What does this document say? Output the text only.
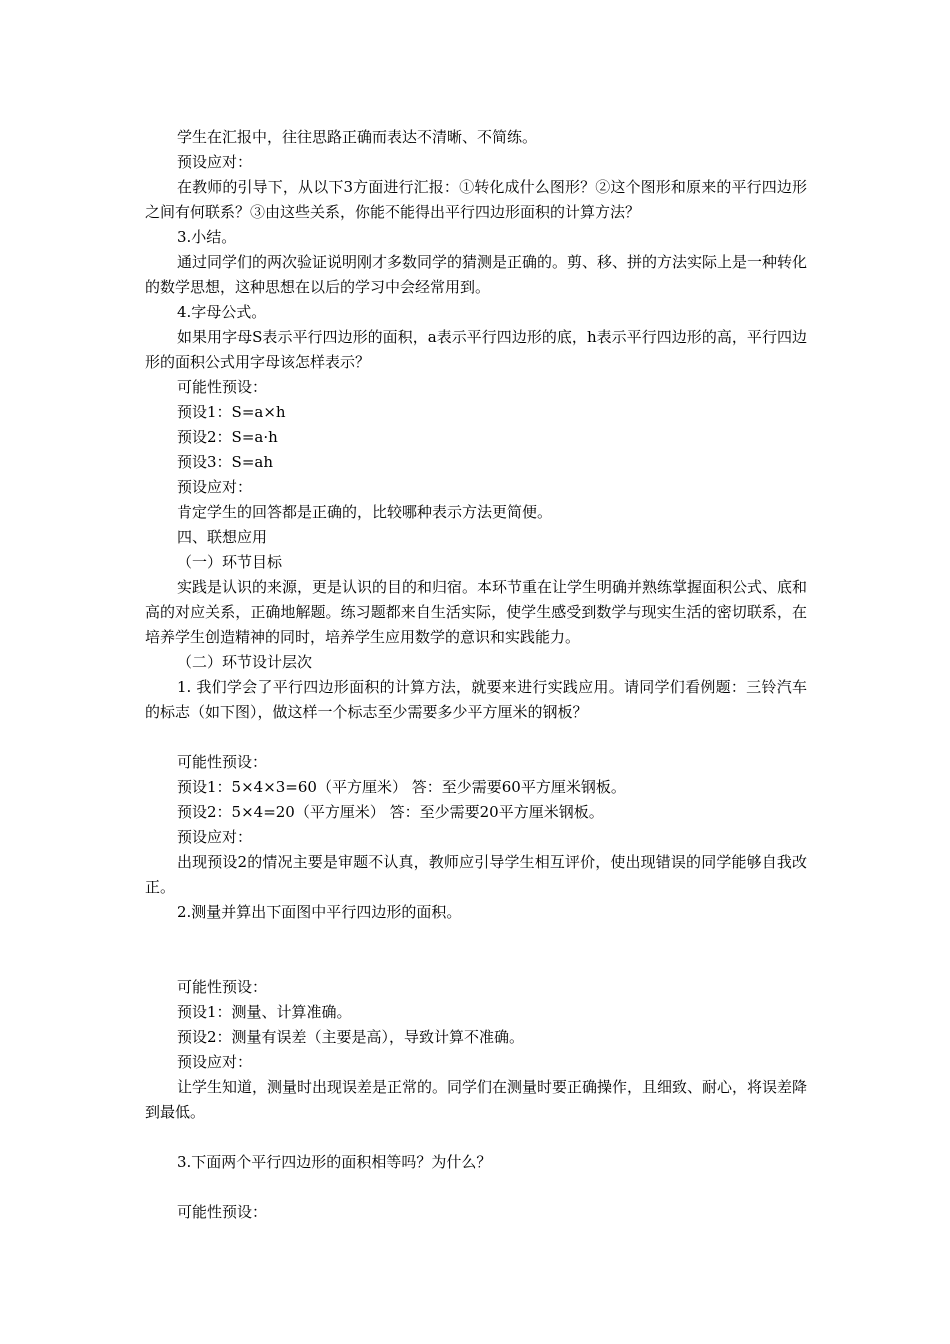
学生在汇报中，往往思路正确而表达不清晰、不简练。

预设应对：

在教师的引导下，从以下3方面进行汇报：①转化成什么图形？②这个图形和原来的平行四边形之间有何联系？③由这些关系，你能不能得出平行四边形面积的计算方法？

3.小结。

通过同学们的两次验证说明刚才多数同学的猜测是正确的。剪、移、拼的方法实际上是一种转化的数学思想，这种思想在以后的学习中会经常用到。

4.字母公式。

如果用字母S表示平行四边形的面积，a表示平行四边形的底，h表示平行四边形的高，平行四边形的面积公式用字母该怎样表示？

可能性预设：

预设1：S=a×h

预设2：S=a·h

预设3：S=ah

预设应对：

肯定学生的回答都是正确的，比较哪种表示方法更简便。

四、联想应用

（一）环节目标

实践是认识的来源，更是认识的目的和归宿。本环节重在让学生明确并熟练掌握面积公式、底和高的对应关系，正确地解题。练习题都来自生活实际，使学生感受到数学与现实生活的密切联系，在培养学生创造精神的同时，培养学生应用数学的意识和实践能力。

（二）环节设计层次

1. 我们学会了平行四边形面积的计算方法，就要来进行实践应用。请同学们看例题：三铃汽车的标志（如下图），做这样一个标志至少需要多少平方厘米的钢板？

可能性预设：

预设1：5×4×3=60（平方厘米） 答：至少需要60平方厘米钢板。

预设2：5×4=20（平方厘米） 答：至少需要20平方厘米钢板。

预设应对：

出现预设2的情况主要是审题不认真，教师应引导学生相互评价，使出现错误的同学能够自我改正。

2.测量并算出下面图中平行四边形的面积。

可能性预设：

预设1：测量、计算准确。

预设2：测量有误差（主要是高），导致计算不准确。

预设应对：

让学生知道，测量时出现误差是正常的。同学们在测量时要正确操作，且细致、耐心，将误差降到最低。

3.下面两个平行四边形的面积相等吗？为什么？

可能性预设：
